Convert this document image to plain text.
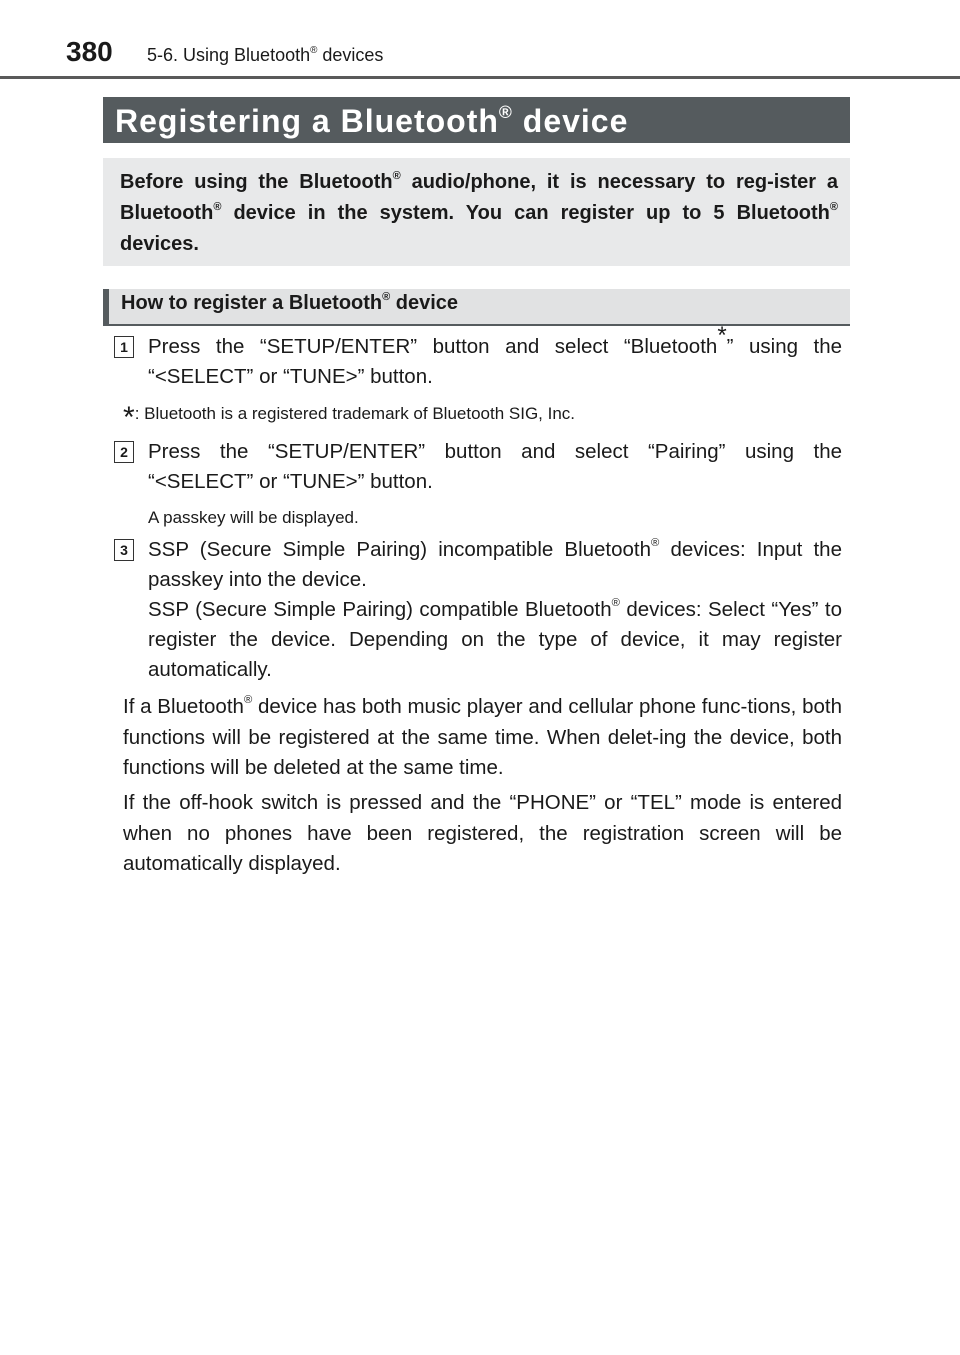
380 5-6. Using Bluetooth® devices
Registering a Bluetooth® device
Before using the Bluetooth® audio/phone, it is necessary to reg-ister a Bluetooth® device in the system. You can register up to 5 Bluetooth® devices.
How to register a Bluetooth® device
1 Press the “SETUP/ENTER” button and select “Bluetooth*” using the “<SELECT” or “TUNE>” button.
*: Bluetooth is a registered trademark of Bluetooth SIG, Inc.
2 Press the “SETUP/ENTER” button and select “Pairing” using the “<SELECT” or “TUNE>” button.
A passkey will be displayed.
3 SSP (Secure Simple Pairing) incompatible Bluetooth® devices: Input the passkey into the device.
SSP (Secure Simple Pairing) compatible Bluetooth® devices: Select “Yes” to register the device. Depending on the type of device, it may register automatically.
If a Bluetooth® device has both music player and cellular phone func-tions, both functions will be registered at the same time. When delet-ing the device, both functions will be deleted at the same time.
If the off-hook switch is pressed and the “PHONE” or “TEL” mode is entered when no phones have been registered, the registration screen will be automatically displayed.
